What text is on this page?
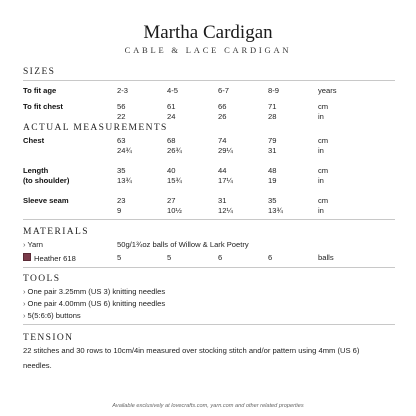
Martha Cardigan
CABLE & LACE CARDIGAN
SIZES
To fit age	2-3	4-5	6-7	8-9	years
To fit chest	56	61	66	71	cm
22	24	26	28	in
ACTUAL MEASUREMENTS
Chest	63	68	74	79	cm
24¾	26¾	29¼	31	in
Length
(to shoulder)
35	40	44	48	cm
13¾	15¾	17¼	19	in
Sleeve seam	23	27	31	35	cm
9	10½	12¼	13¾	in
MATERIALS
› Yarn	50g/1¾oz balls of Willow & Lark Poetry
Heather 618	5	5	6	6	balls
TOOLS
› One pair 3.25mm (US 3) knitting needles
› One pair 4.00mm (US 6) knitting needles
› 5(5:6:6) buttons
TENSION
22 stitches and 30 rows to 10cm/4in measured over stocking stitch and/or pattern using 4mm (US 6) needles.
Available exclusively at lovecrafts.com, yarn.com and other related properties
